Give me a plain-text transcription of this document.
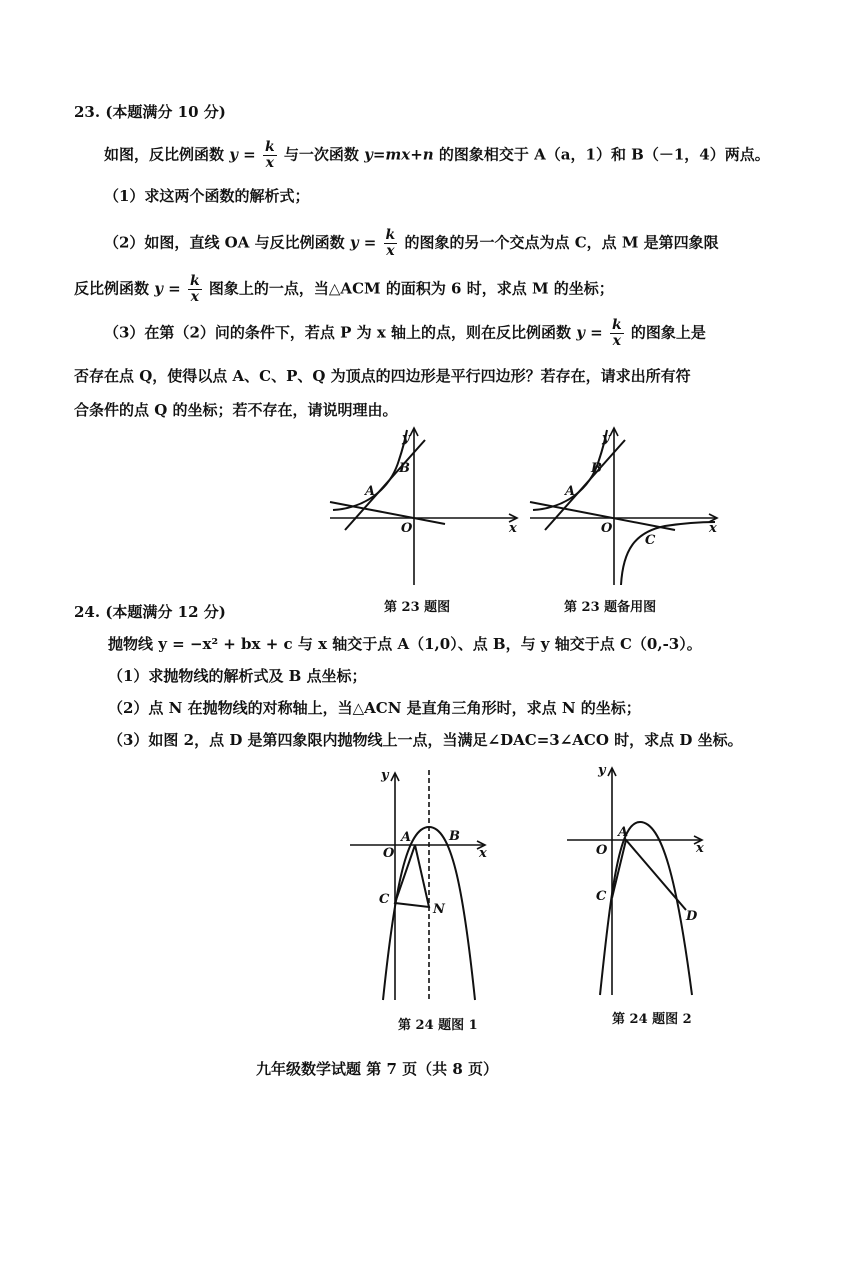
23. (本题满分 10 分)
如图，反比例函数 $y = \frac{k}{x}$ 与一次函数 y=mx+n 的图象相交于 A（a，1）和 B（－1，4）两点。
（1）求这两个函数的解析式；
（2）如图，直线 OA 与反比例函数 $y = \frac{k}{x}$ 的图象的另一个交点为点 C，点 M 是第四象限
反比例函数 $y = \frac{k}{x}$ 图象上的一点，当△ACM 的面积为 6 时，求点 M 的坐标；
（3）在第（2）问的条件下，若点 P 为 x 轴上的点，则在反比例函数 $y = \frac{k}{x}$ 的图象上是
否存在点 Q，使得以点 A、C、P、Q 为顶点的四边形是平行四边形？若存在，请求出所有符
合条件的点 Q 的坐标；若不存在，请说明理由。
B
A
O
y
x
第 23 题图
B
A
O
C
y
x
第 23 题备用图
24. (本题满分 12 分)
抛物线 y = −x² + bx + c 与 x 轴交于点 A（1,0）、点 B，与 y 轴交于点 C（0,-3）。
（1）求抛物线的解析式及 B 点坐标；
（2）点 N 在抛物线的对称轴上，当△ACN 是直角三角形时，求点 N 的坐标；
（3）如图 2，点 D 是第四象限内抛物线上一点，当满足∠DAC=3∠ACO 时，求点 D 坐标。
A	B
O
C
N
y
x
第 24 题图 1
A
O
C
D
y
x
第 24 题图 2
九年级数学试题 第 7 页（共 8 页）
